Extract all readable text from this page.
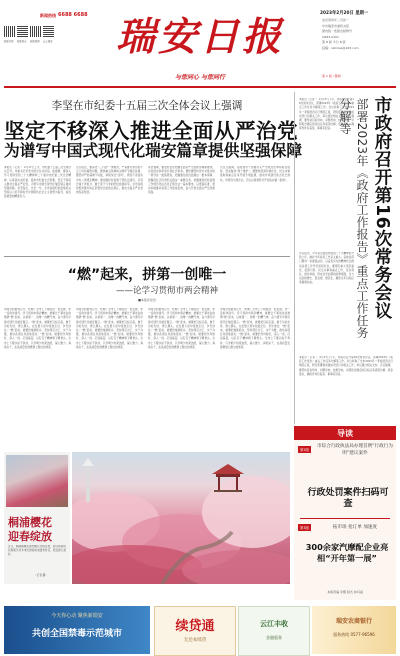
瑞安日报	瑞安发布	瑞安新闻	云上瑞安
新闻热线 6688 6688 瑞安日报
与您同心 与您同行
2023年2月20日 星期一
农历癸卯年二月初一
中共瑞安市委机关报
国内统一连续出版物号
CN33-0101
第 8 版 今日 8 版
投稿：ratimes@163.com
第 1 版 / 要闻
李坚在市纪委十五届三次全体会议上强调
坚定不移深入推进全面从严治党
为谱写中国式现代化瑞安篇章提供坚强保障
本报讯（记者 ） 2月17日上午，市纪委十五届三次全体会议召开。市委书记李坚出席会议并讲话。他强调，要深入学习贯彻党的二十大精神和二十届中央纪委二次全会精神，认真落实省纪委、温州市纪委全会部署，坚定不移深入推进全面从严治党，为谱写中国式现代化瑞安篇章提供坚强保障。李坚指出，过去一年，全市各级纪检监察机关坚持以习近平新时代中国特色社会主义思想为指导，政治监督更加精准有力。
会议指出，要深化“三不腐”一体推进，严查群众身边的不正之风和腐败问题，聚焦重点领域和关键环节强化监督。要坚持严的基调不动摇，持续纠治“四风”，锲而不舍落实中央八项规定精神。要加强纪检监察干部队伍建设，打造忠诚干净担当、敢于善于斗争的纪检监察铁军。全市各级党组织要切实扛起管党治党政治责任，推动全面从严治党向纵深发展。
李坚强调，要更加自觉把握全面从严治党新部署新要求，以党的自我革命引领社会革命。要把握坚持党中央集中统一领导这一最高原则，把握强化政治监督这一根本保障，把握深化正风肃纪反腐这一重要任务，把握推进纪检监察工作规范化法治化正规化这一基本要求，以更高标准、更实举措推动各项工作落地见效，奋力开创全面从严治党新局面。
会议还强调，各级领导干部要带头严守政治纪律和政治规矩，坚决做到“两个维护”。要聚焦营商环境优化、民生实事落地等重点任务开展专项监督，推动作风建设常态化长效化。市领导出席会议。会议以视频形式开到各乡镇（街道）。
“燃”起来，拼第一创唯一
——论学习贯彻市两会精神
■本报评论员
市两会的胜利召开，吹响了全市上下拼经济、抓发展、争一流的冲锋号。学习贯彻市两会精神，就要让干事创业的激情“燃”起来，以拼第一、创唯一的精气神，奋力谱写中国式现代化瑞安篇章。“燃”起来，就要把目标定高，敢于对标先进、勇立潮头，在发展大局中找准定位、争先进位；“燃”起来，就要把措施抓实，坚持项目为王、实干为要，推动各项任务落地落实；“燃”起来，就要把作风转好，深入一线、沉到基层，以钉钉子精神啃下硬骨头。全市上下要以时不我待、只争朝夕的紧迫感，凝心聚力、真抓实干，在高质量发展赛道上跑出加速度。
市两会的胜利召开，吹响了全市上下拼经济、抓发展、争一流的冲锋号。学习贯彻市两会精神，就要让干事创业的激情“燃”起来，以拼第一、创唯一的精气神，奋力谱写中国式现代化瑞安篇章。“燃”起来，就要把目标定高，敢于对标先进、勇立潮头，在发展大局中找准定位、争先进位；“燃”起来，就要把措施抓实，坚持项目为王、实干为要，推动各项任务落地落实；“燃”起来，就要把作风转好，深入一线、沉到基层，以钉钉子精神啃下硬骨头。全市上下要以时不我待、只争朝夕的紧迫感，凝心聚力、真抓实干，在高质量发展赛道上跑出加速度。
市两会的胜利召开，吹响了全市上下拼经济、抓发展、争一流的冲锋号。学习贯彻市两会精神，就要让干事创业的激情“燃”起来，以拼第一、创唯一的精气神，奋力谱写中国式现代化瑞安篇章。“燃”起来，就要把目标定高，敢于对标先进、勇立潮头，在发展大局中找准定位、争先进位；“燃”起来，就要把措施抓实，坚持项目为王、实干为要，推动各项任务落地落实；“燃”起来，就要把作风转好，深入一线、沉到基层，以钉钉子精神啃下硬骨头。全市上下要以时不我待、只争朝夕的紧迫感，凝心聚力、真抓实干，在高质量发展赛道上跑出加速度。
市两会的胜利召开，吹响了全市上下拼经济、抓发展、争一流的冲锋号。学习贯彻市两会精神，就要让干事创业的激情“燃”起来，以拼第一、创唯一的精气神，奋力谱写中国式现代化瑞安篇章。“燃”起来，就要把目标定高，敢于对标先进、勇立潮头，在发展大局中找准定位、争先进位；“燃”起来，就要把措施抓实，坚持项目为王、实干为要，推动各项任务落地落实；“燃”起来，就要把作风转好，深入一线、沉到基层，以钉钉子精神啃下硬骨头。全市上下要以时不我待、只争朝夕的紧迫感，凝心聚力、真抓实干，在高质量发展赛道上跑出加速度。
桐浦樱花
迎春绽放
近日，桐浦镇樱花园内樱花竞相绽放，粉白相间的花海吸引众多市民游客前来踏青赏花，感受春日美好。
（记者 摄）
市政府召开第16次常务会议
部署2023年《政府工作报告》重点工作任务分解等
本报讯（记者 ） 2月17日下午，市政府召开第16次常务会议，部署2023年《政府工作报告》重点工作任务分解等工作。会议听取了全市2023年一季度经济运行情况汇报，研究部署稳进提质攻坚行动相关工作，审议通过相关文件。会议强调，要坚持目标导向、问题导向、结果导向，对照报告确定的目标任务逐项分解、逐条落实，确保件件有着落、事事有回音。
会议指出，今年是全面贯彻党的二十大精神的开局之年，做好今年政府工作意义重大。各地各部门要进一步提高站位，以奋发有为的精神状态推动各项工作开好局起好步。要紧盯重大项目建设、招商引资、民生实事等重点工作，压实责任、细化举措，形成比学赶超的浓厚氛围，全力以赴稳增长、促发展、惠民生，确保全年目标任务圆满完成。
本报讯（记者 ） 2月17日下午，市政府召开第16次常务会议，部署2023年《政府工作报告》重点工作任务分解等工作。会议听取了全市2023年一季度经济运行情况汇报，研究部署稳进提质攻坚行动相关工作，审议通过相关文件。会议强调，要坚持目标导向、问题导向、结果导向，对照报告确定的目标任务逐项分解、逐条落实，确保件件有着落、事事有回音。
导读
第2版
市综合行政执法局办理首例“行政行为明”建议案件
行政处罚案件扫码可查
第3版	拓市场 抢订单 加速度
300余家汽摩配企业亮相“开年第一展”
本版责编 李娜 版式 林玛丽
今天你心动 聚焦新瑞安
共创全国禁毒示范城市	续贷通
无还本续贷
云江丰收
金融服务
瑞安农商银行
服务热线 0577-96596
